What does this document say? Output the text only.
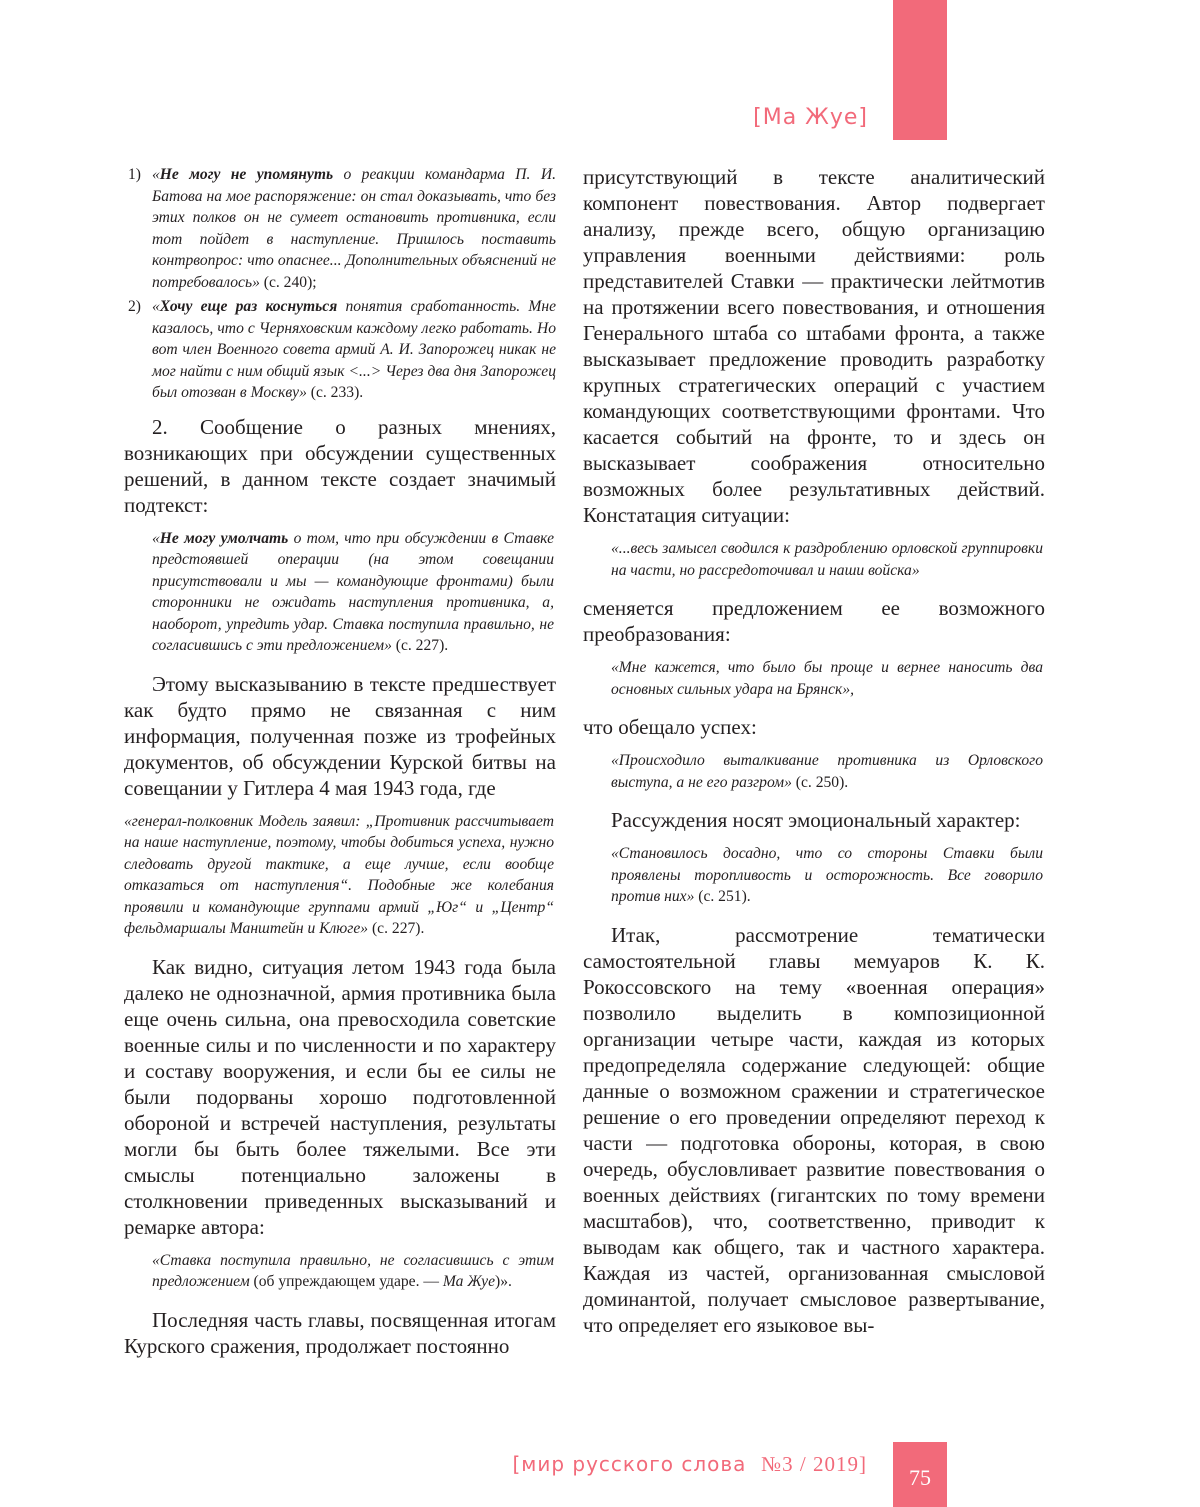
[Ма Жуе]
1) «Не могу не упомянуть о реакции командарма П. И. Батова на мое распоряжение: он стал доказывать, что без этих полков он не сумеет остановить противника, если тот пойдет в наступление. Пришлось поставить контрвопрос: что опаснее... Дополнительных объяснений не потребовалось» (с. 240);
2) «Хочу еще раз коснуться понятия сработанность. Мне казалось, что с Черняховским каждому легко работать. Но вот член Военного совета армий А. И. Запорожец никак не мог найти с ним общий язык <...> Через два дня Запорожец был отозван в Москву» (с. 233).

2. Сообщение о разных мнениях, возникающих при обсуждении существенных решений, в данном тексте создает значимый подтекст:

«Не могу умолчать о том, что при обсуждении в Ставке предстоявшей операции (на этом совещании присутствовали и мы — командующие фронтами) были сторонники не ожидать наступления противника, а, наоборот, упредить удар. Ставка поступила правильно, не согласившись с эти предложением» (с. 227).

Этому высказыванию в тексте предшествует как будто прямо не связанная с ним информация, полученная позже из трофейных документов, об обсуждении Курской битвы на совещании у Гитлера 4 мая 1943 года, где

«генерал-полковник Модель заявил: „Противник рассчитывает на наше наступление, поэтому, чтобы добиться успеха, нужно следовать другой тактике, а еще лучше, если вообще отказаться от наступления“. Подобные же колебания проявили и командующие группами армий „Юг“ и „Центр“ фельдмаршалы Манштейн и Клюге» (с. 227).

Как видно, ситуация летом 1943 года была далеко не однозначной, армия противника была еще очень сильна, она превосходила советские военные силы и по численности и по характеру и составу вооружения, и если бы ее силы не были подорваны хорошо подготовленной обороной и встречей наступления, результаты могли бы быть более тяжелыми. Все эти смыслы потенциально заложены в столкновении приведенных высказываний и ремарке автора:

«Ставка поступила правильно, не согласившись с этим предложением (об упреждающем ударе. — Ма Жуе)».

Последняя часть главы, посвященная итогам Курского сражения, продолжает постоянно

присутствующий в тексте аналитический компонент повествования. Автор подвергает анализу, прежде всего, общую организацию управления военными действиями: роль представителей Ставки — практически лейтмотив на протяжении всего повествования, и отношения Генерального штаба со штабами фронта, а также высказывает предложение проводить разработку крупных стратегических операций с участием командующих соответствующими фронтами. Что касается событий на фронте, то и здесь он высказывает соображения относительно возможных более результативных действий. Констатация ситуации:

«...весь замысел сводился к раздроблению орловской группировки на части, но рассредоточивал и наши войска»

сменяется предложением ее возможного преобразования:

«Мне кажется, что было бы проще и вернее наносить два основных сильных удара на Брянск»,

что обещало успех:

«Происходило выталкивание противника из Орловского выступа, а не его разгром» (с. 250).

Рассуждения носят эмоциональный характер:

«Становилось досадно, что со стороны Ставки были проявлены торопливость и осторожность. Все говорило против них» (с. 251).

Итак, рассмотрение тематически самостоятельной главы мемуаров К. К. Рокоссовского на тему «военная операция» позволило выделить в композиционной организации четыре части, каждая из которых предопределяла содержание следующей: общие данные о возможном сражении и стратегическое решение о его проведении определяют переход к части — подготовка обороны, которая, в свою очередь, обусловливает развитие повествования о военных действиях (гигантских по тому времени масштабов), что, соответственно, приводит к выводам как общего, так и частного характера. Каждая из частей, организованная смысловой доминантой, получает смысловое развертывание, что определяет его языковое вы-

[мир русского слова №3 / 2019]
75
